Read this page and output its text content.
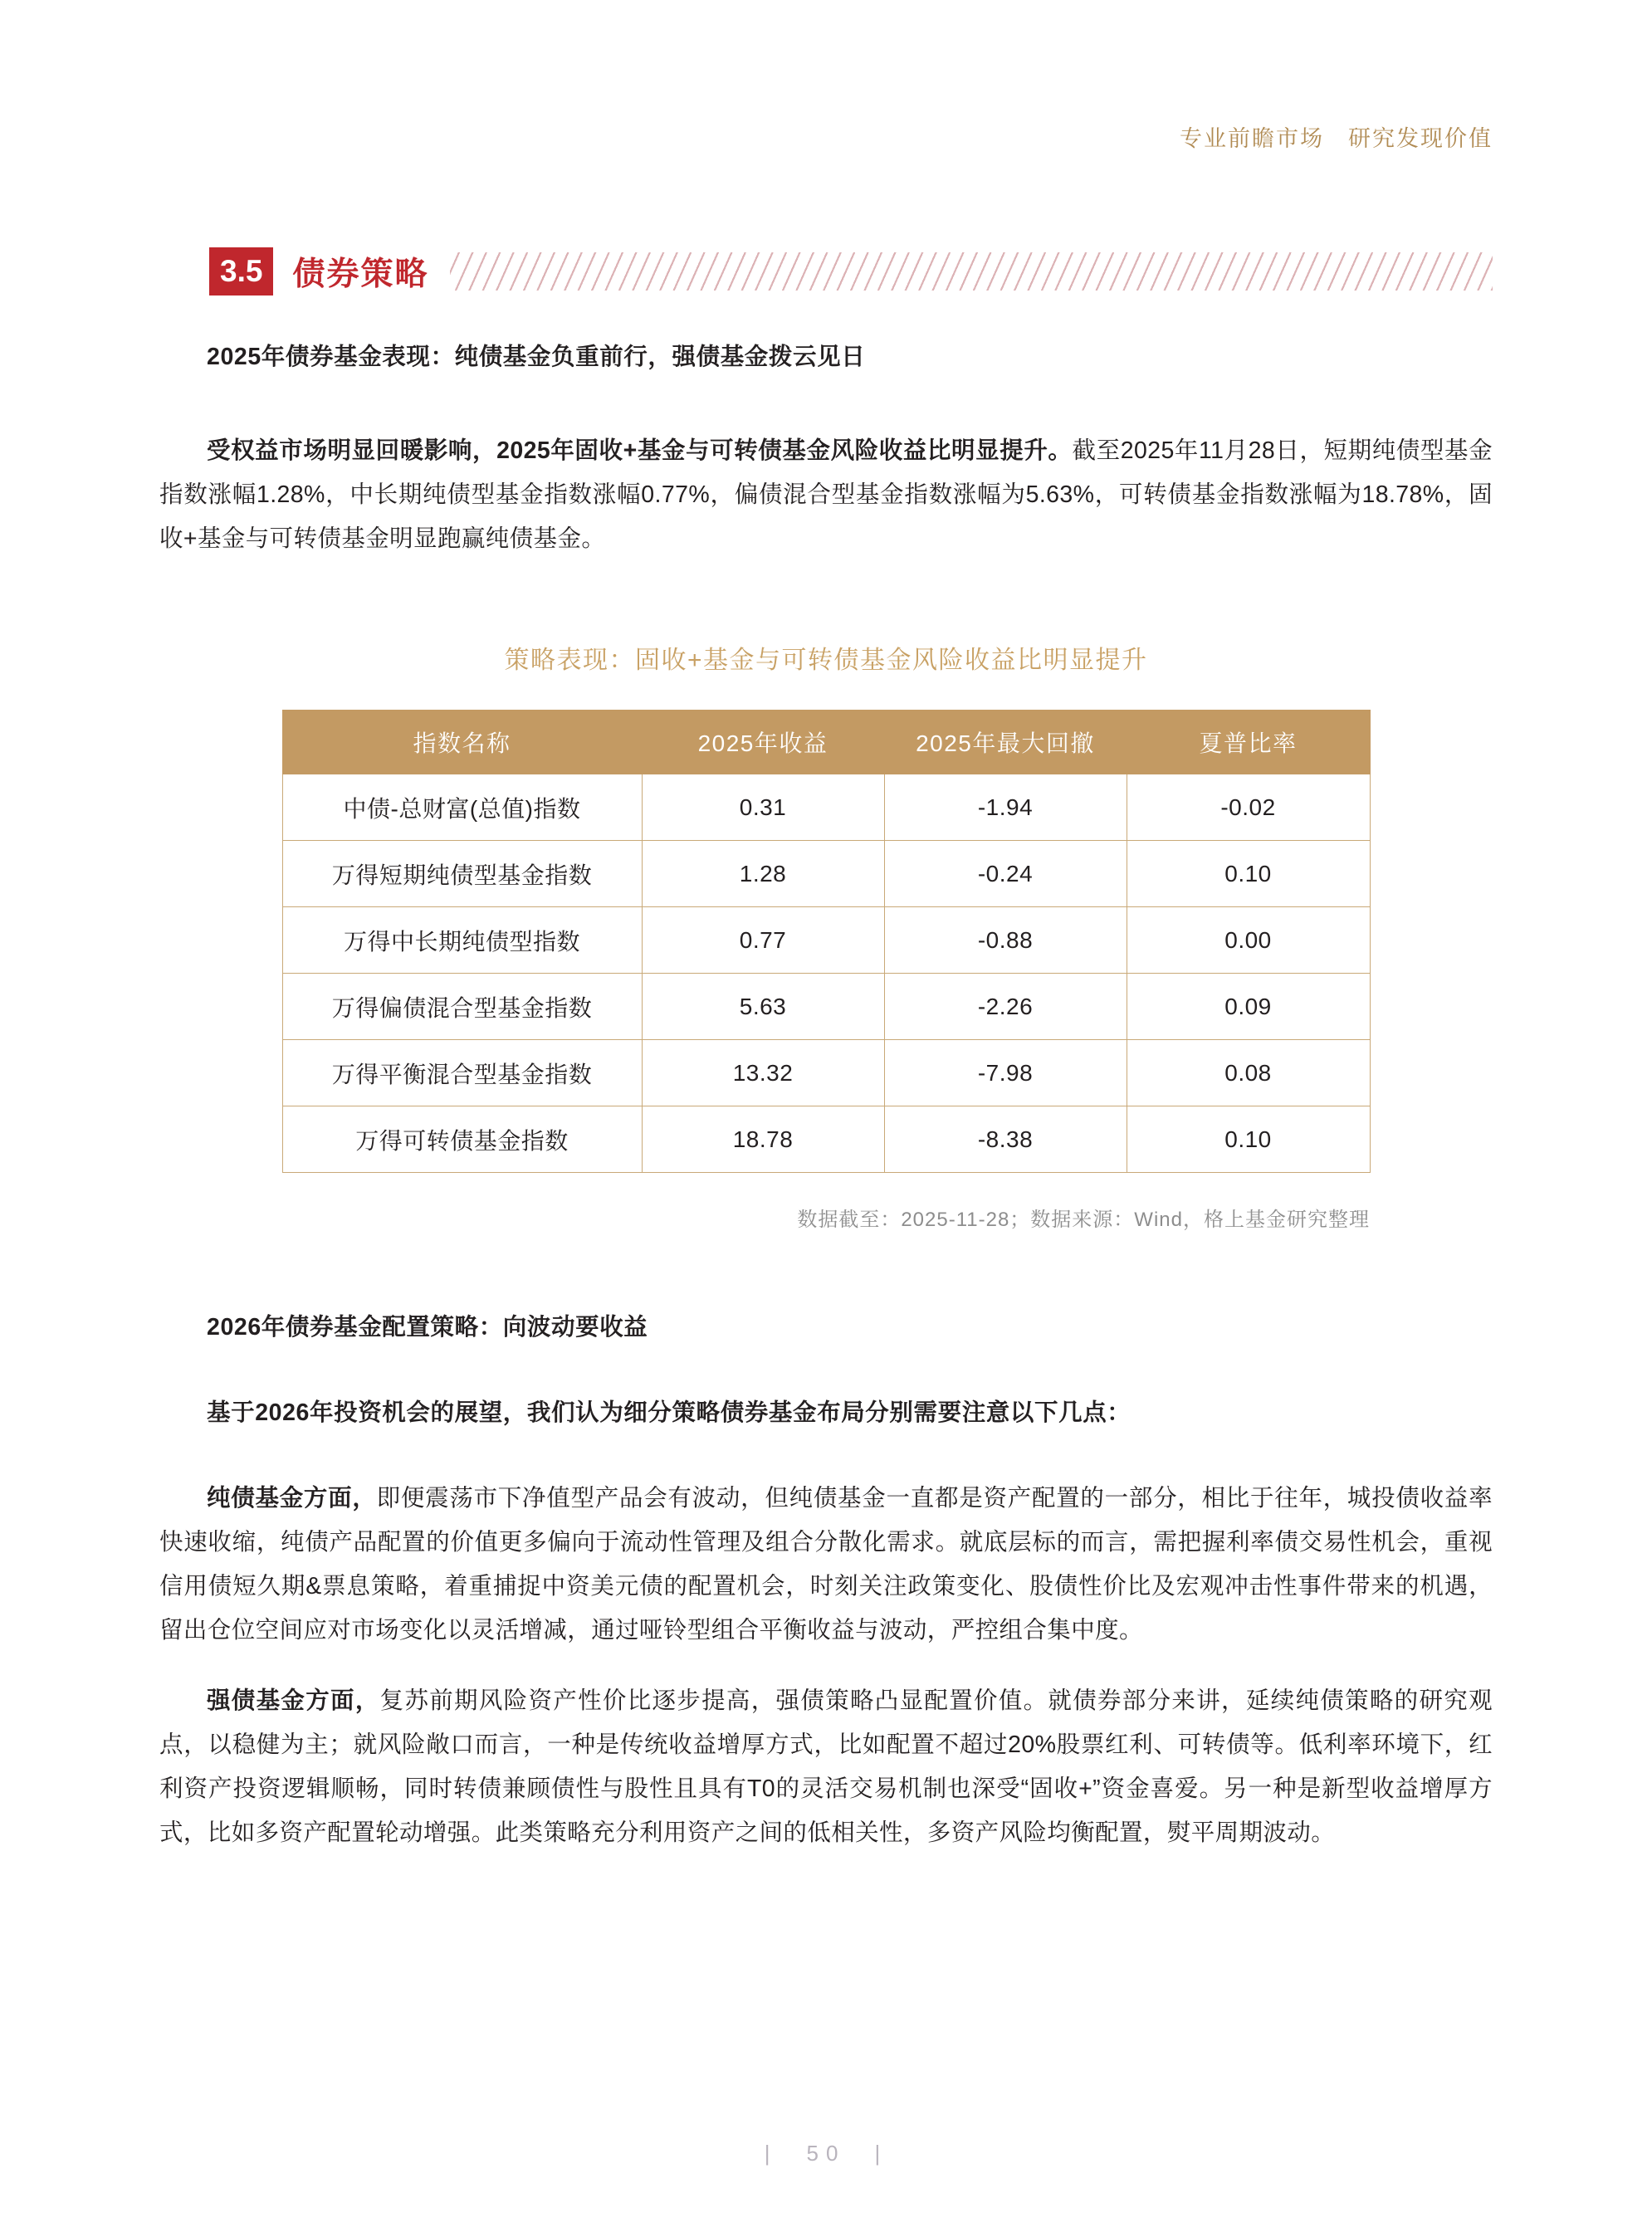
专业前瞻市场　研究发现价值
3.5 债券策略

2025年债券基金表现：纯债基金负重前行，强债基金拨云见日

受权益市场明显回暖影响，2025年固收+基金与可转债基金风险收益比明显提升。截至2025年11月28日，短期纯债型基金指数涨幅1.28%，中长期纯债型基金指数涨幅0.77%，偏债混合型基金指数涨幅为5.63%，可转债基金指数涨幅为18.78%，固收+基金与可转债基金明显跑赢纯债基金。

策略表现：固收+基金与可转债基金风险收益比明显提升
指数名称	2025年收益	2025年最大回撤	夏普比率
中债-总财富(总值)指数	0.31	-1.94	-0.02
万得短期纯债型基金指数	1.28	-0.24	0.10
万得中长期纯债型指数	0.77	-0.88	0.00
万得偏债混合型基金指数	5.63	-2.26	0.09
万得平衡混合型基金指数	13.32	-7.98	0.08
万得可转债基金指数	18.78	-8.38	0.10
数据截至：2025-11-28；数据来源：Wind，格上基金研究整理

2026年债券基金配置策略：向波动要收益

基于2026年投资机会的展望，我们认为细分策略债券基金布局分别需要注意以下几点：

纯债基金方面，即便震荡市下净值型产品会有波动，但纯债基金一直都是资产配置的一部分，相比于往年，城投债收益率快速收缩，纯债产品配置的价值更多偏向于流动性管理及组合分散化需求。就底层标的而言，需把握利率债交易性机会，重视信用债短久期&票息策略，着重捕捉中资美元债的配置机会，时刻关注政策变化、股债性价比及宏观冲击性事件带来的机遇，留出仓位空间应对市场变化以灵活增减，通过哑铃型组合平衡收益与波动，严控组合集中度。

强债基金方面，复苏前期风险资产性价比逐步提高，强债策略凸显配置价值。就债券部分来讲，延续纯债策略的研究观点，以稳健为主；就风险敞口而言，一种是传统收益增厚方式，比如配置不超过20%股票红利、可转债等。低利率环境下，红利资产投资逻辑顺畅，同时转债兼顾债性与股性且具有T0的灵活交易机制也深受“固收+”资金喜爱。另一种是新型收益增厚方式，比如多资产配置轮动增强。此类策略充分利用资产之间的低相关性，多资产风险均衡配置，熨平周期波动。

|　50　|
